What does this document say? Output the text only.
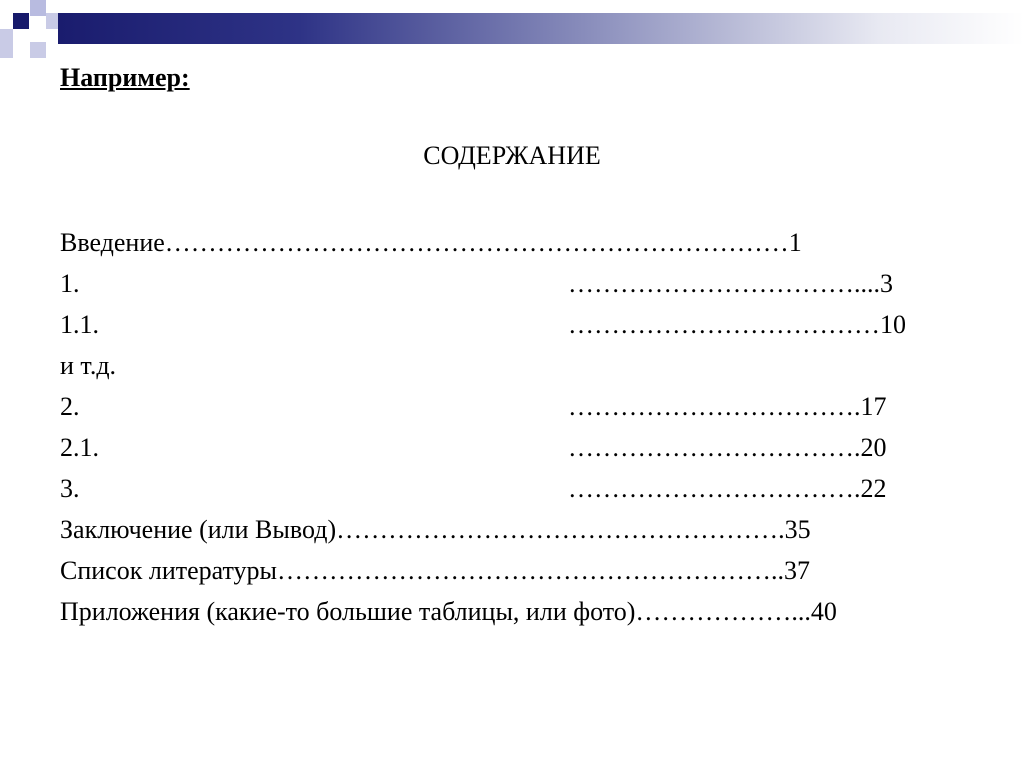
Например:
СОДЕРЖАНИЕ
Введение………………………………………………………………1
1.	……………………………....3
1.1.	………………………………10
и т.д.
2.	…………………………….17
2.1.	…………………………….20
3.	…………………………….22
Заключение (или Вывод)…………………………………………….35
Список литературы…………………………………………………..37
Приложения (какие-то большие таблицы, или фото)………………...40
